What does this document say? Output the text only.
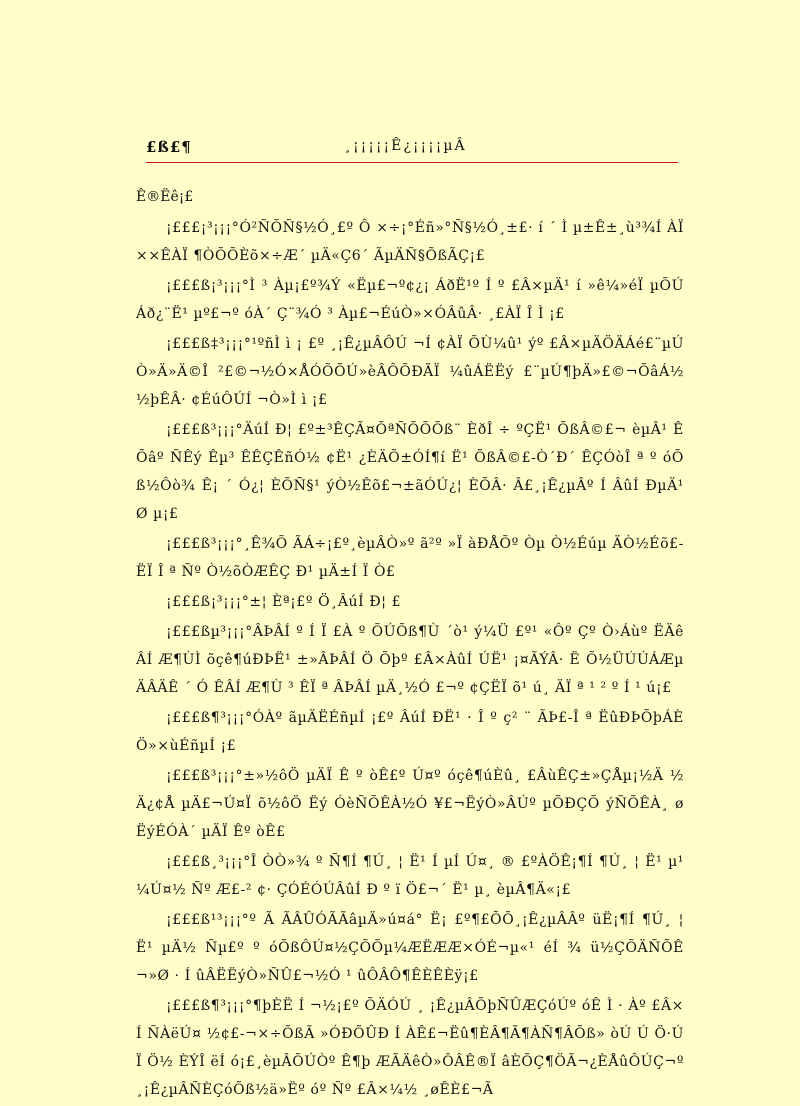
£ß£¶	¸¡¡¡¡¡Ê¿¡¡¡¡µÂ
Ê®Ëê¡£

¡£££¡³¡¡¡°Ó²ÑÕÑ§½Ó¸£º Ô ×÷¡°Éñ»°Ñ§½Ó¸±£· í ´ Ì µ±Ê±¸ù³¾Í ÀÏ ××ÊÀÏ ¶ÒÕÕÈõ×÷Æ´ µÄ«Ç6´ ÃµÄÑ§ÕßÃÇ¡£

¡£££ß¡³¡¡¡°Ì ³ Àµ¡£º¾Ý «Ëµ£¬º¢¿¡ ÁðË¹º Í º £Â×µÄ¹ í »ê¼»éÏ µÕÚÁð¿¨Ë¹ µº£¬º óÀ´ Ç¨¾Ó ³ Àµ£¬ÉúÒ»×ÓÂûÂ· ¸£ÀÏ Î Ì ¡£

¡£££ß‡³¡¡¡°¹ºñÌ ì ¡ £º ¸¡Ê¿µÂÔÚ ¬Í ¢ÀÏ ÕÙ¼û¹ ýº £Â×µÄÖÄÁé£¨µÚÒ»Ä»Ä©Î ²£©¬½Ó×ÅÓÕÕÚ»èÂÔÕÐÃÏ ¼ûÁËËý £¨µÚ¶þÄ»£©¬ÕâÁ½½þÊÂ· ¢ÉúÔÚÍ ¬Ò»Ì ì ¡£

¡£££ß³¡¡¡°ÄúÍ Ð¦ £º±³ÊÇÃ¤ÕªÑÕÕÕß¨ ÈðÎ ÷ ºÇË¹ ÕßÂ©£¬ èµÂ¹ ÊÕâº ÑÊý Êµ³ ÊÊÇÊñÓ½ ¢Ë¹ ¿ÈÄÕ±ÓÍ¶í Ë¹ ÕßÂ©£-Ò´Ð´ ÊÇÓòÎ ª º óÕß½Ôò¾ Ê¡ ´ Ó¿¦ ÈÕÑ§¹ ýÒ½Êõ£¬±ãÓÚ¿¦ ÈÕÂ· Â£¸¡Ê¿µÂº Í ÂûÍ ÐµÄ¹ Ø µ¡£

¡£££ß³¡¡¡°¸Ê¾Õ ÃÁ÷¡£º¸èµÂÒ»º ã²º »Ï àÐÅÕº Òµ Ò½Éúµ ÄÒ½Éõ£-ËÏ Î ª Ñº Ò½õÒÆÊÇ Ð¹ µÄ±Í Ï Ò£

¡£££ß¡³¡¡¡°±¦ Èª¡£º Ö¸ÂúÍ Ð¦ £

¡£££ßµ³¡¡¡°ÂÞÂÍ º Í Ï £À º ÕÚÕß¶Ù ´ò¹ ý¼Ü £º¹ «Ôº Çº Ò›Áùº ËÄêÂÍ Æ¶ÙÌ õçê¶úÐÞË¹ ±»ÂÞÂÍ Ö Õþº £Â×ÀûÍ ÚË¹ ¡¤ÃÝÂ· Ë Õ½ÜÚÚÁÆµÄÂÄÊ ´ Ó ÊÂÍ Æ¶Ù ³ ÊÏ ª ÂÞÂÍ µÄ¸½Ó £¬º ¢ÇËÏ õ¹ ú¸ ÄÏ ª ¹ ² º Í ¹ ú¡£

¡£££ß¶³¡¡¡°ÓÀº ãµÄËÉñµÍ ¡£º ÂúÍ ÐË¹ · Î º ç² ¨ ÃÞ£-Î ª ËûÐÞÕþÁÈÖ»×ùÉñµÍ ¡£

¡£££ß³¡¡¡°±»½ôÖ µÄÏ Ê º òÊ£º Ú¤º óçê¶úÈû¸ £ÂùÊÇ±»ÇÅµ¡½Ä ½Ä¿¢Å µÄ£¬Ú¤Ï õ½ôÖ Ëý ÓèÑÕÊÀ½Ó ¥£¬ËýÒ»ÂÚº µÕÐÇÕ ýÑÕÊÀ¸ øËýÉÓÀ´ µÄÏ Êº òÊ£

¡£££ß¸³¡¡¡°Î ÒÒ»¾ º Ñ¶Í ¶Ú¸ ¦ Ë¹ Í µÍ Ú¤¸ ® £ºÀÖÊ¡¶Í ¶Ú¸ ¦ Ë¹ µ¹¼Ú¤½ Ñº Æ£-² ¢· ÇÓÉÓÚÂûÍ Ð º ï Ö£¬´ Ë¹ µ¸ èµÂ¶Ä«¡£

¡£££ß¹³¡¡¡°º Ã ÃÂÛÓÃÃâµÄ»ú¤á° Ë¡ £º¶£ÕÕ¸¡Ê¿µÂÂº üË¡¶Í ¶Ú¸ ¦ Ë¹ µÄ½ Ñµ£º º óÕßÔÚ¤½ÇÕÕµ¼ÆËÆÆ×ÓÉ¬µ«¹ éÍ ¾ ü½ÇÕÄÑÕÊ¬»Ø · Í ûÂËËýÒ»ÑÛ£¬½Ó ¹ ûÔÂÔ¶ÊÈÊÈÿ¡£

¡£££ß¶³¡¡¡°¶þÈË Í ¬½¡£º ÕÄÓÚ ¸ ¡Ê¿µÂÕþÑÛÆÇóÚº óÊ Ì · Àº £Â×Í ÑÀëÚ¤ ½¢£-¬×÷ÕßÃ »ÓÐÕÛÐ Í ÀÊ£¬Ëû¶ÈÂ¶Ã¶ÀÑ¶ÂÕß» òÚ Ú Ö·ÚÏ Ö½ ÈÝÎ ëÍ ó¡£¸èµÂÕÚÒº Ê¶þ ÆÃÄêÒ»ÔÂÊ®Ï âÈÕÇ¶ÖÃ¬¿ÈÅûÔÚÇ¬º ¸¡Ê¿µÂÑÈÇóÕß½ä»Ëº óº Ñº £Â×¼½ ¸øÊÈ£¬Ã
